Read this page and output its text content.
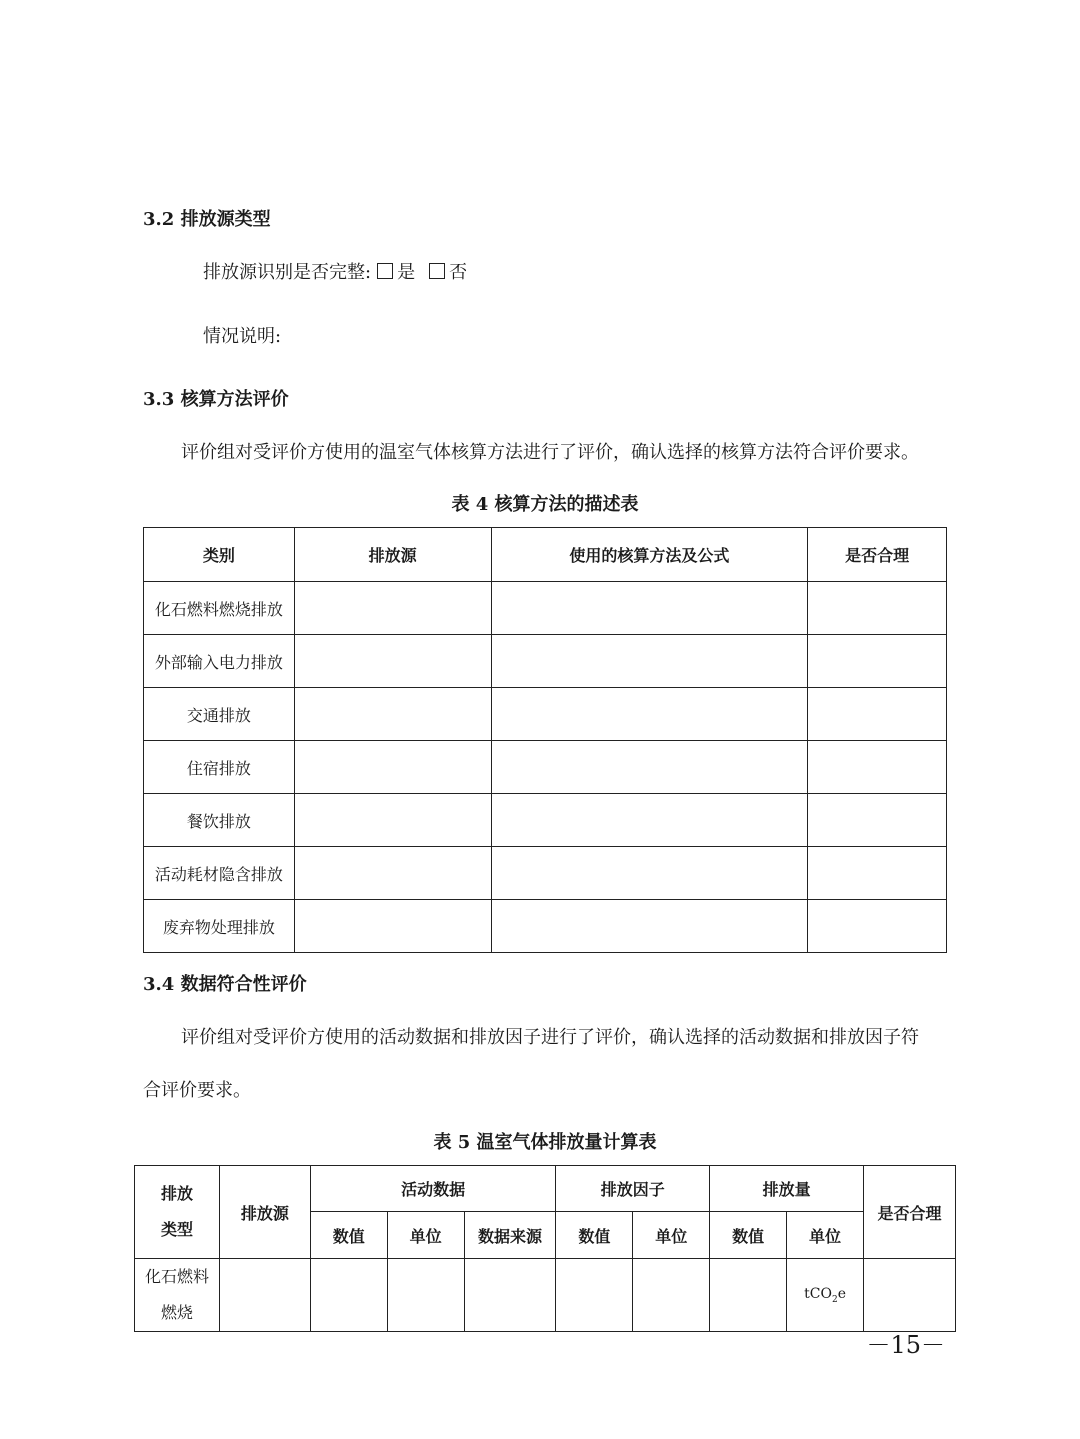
3.2 排放源类型
排放源识别是否完整: 是 否
情况说明:
3.3 核算方法评价
评价组对受评价方使用的温室气体核算方法进行了评价，确认选择的核算方法符合评价要求。
表 4 核算方法的描述表
类别	排放源	使用的核算方法及公式	是否合理
化石燃料燃烧排放			
外部输入电力排放			
交通排放			
住宿排放			
餐饮排放			
活动耗材隐含排放			
废弃物处理排放			
3.4 数据符合性评价
评价组对受评价方使用的活动数据和排放因子进行了评价，确认选择的活动数据和排放因子符
合评价要求。
表 5 温室气体排放量计算表
排放
类型	排放源	活动数据			排放因子		排放量		是否合理
		数值	单位	数据来源	数值	单位	数值	单位	
化石燃料
燃烧								tCO$_2$e	
－15－
